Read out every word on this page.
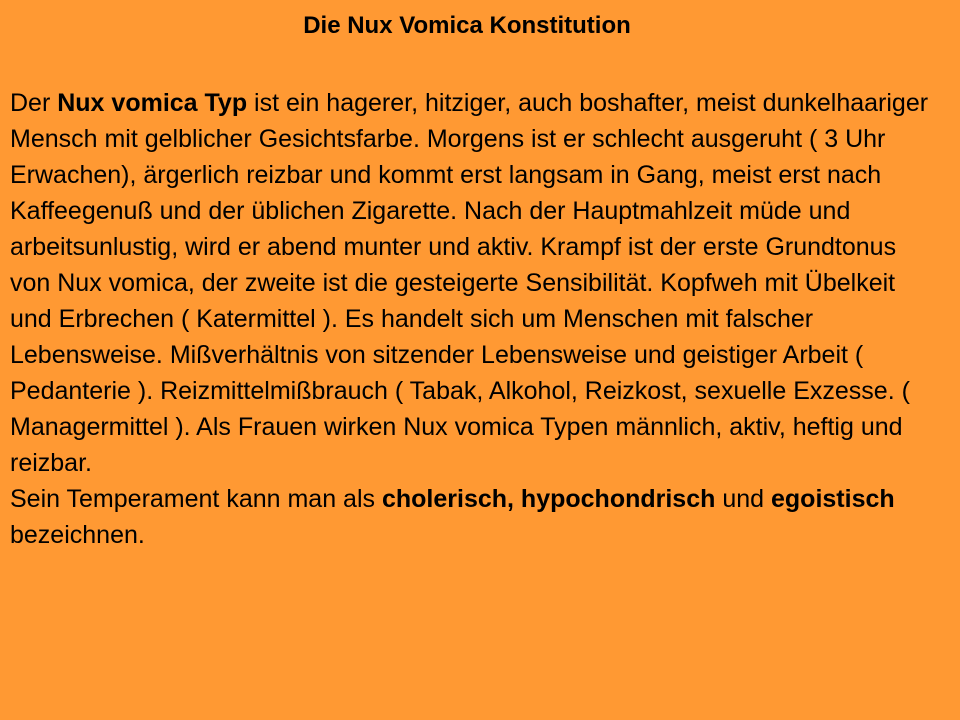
Die Nux Vomica Konstitution

Der Nux vomica Typ ist ein hagerer, hitziger, auch boshafter, meist dunkelhaariger Mensch mit gelblicher Gesichtsfarbe. Morgens ist er schlecht ausgeruht ( 3 Uhr Erwachen), ärgerlich reizbar und kommt erst langsam in Gang, meist erst nach Kaffeegenuß und der üblichen Zigarette. Nach der Hauptmahlzeit müde und arbeitsunlustig, wird er abend munter und aktiv. Krampf ist der erste Grundtonus von Nux vomica, der zweite ist die gesteigerte Sensibilität. Kopfweh mit Übelkeit und Erbrechen ( Katermittel ). Es handelt sich um Menschen mit falscher Lebensweise. Mißverhältnis von sitzender Lebensweise und geistiger Arbeit ( Pedanterie ). Reizmittelmißbrauch ( Tabak, Alkohol, Reizkost, sexuelle Exzesse. ( Managermittel ). Als Frauen wirken Nux vomica Typen männlich, aktiv, heftig und reizbar.

Sein Temperament kann man als cholerisch, hypochondrisch und egoistisch bezeichnen.
